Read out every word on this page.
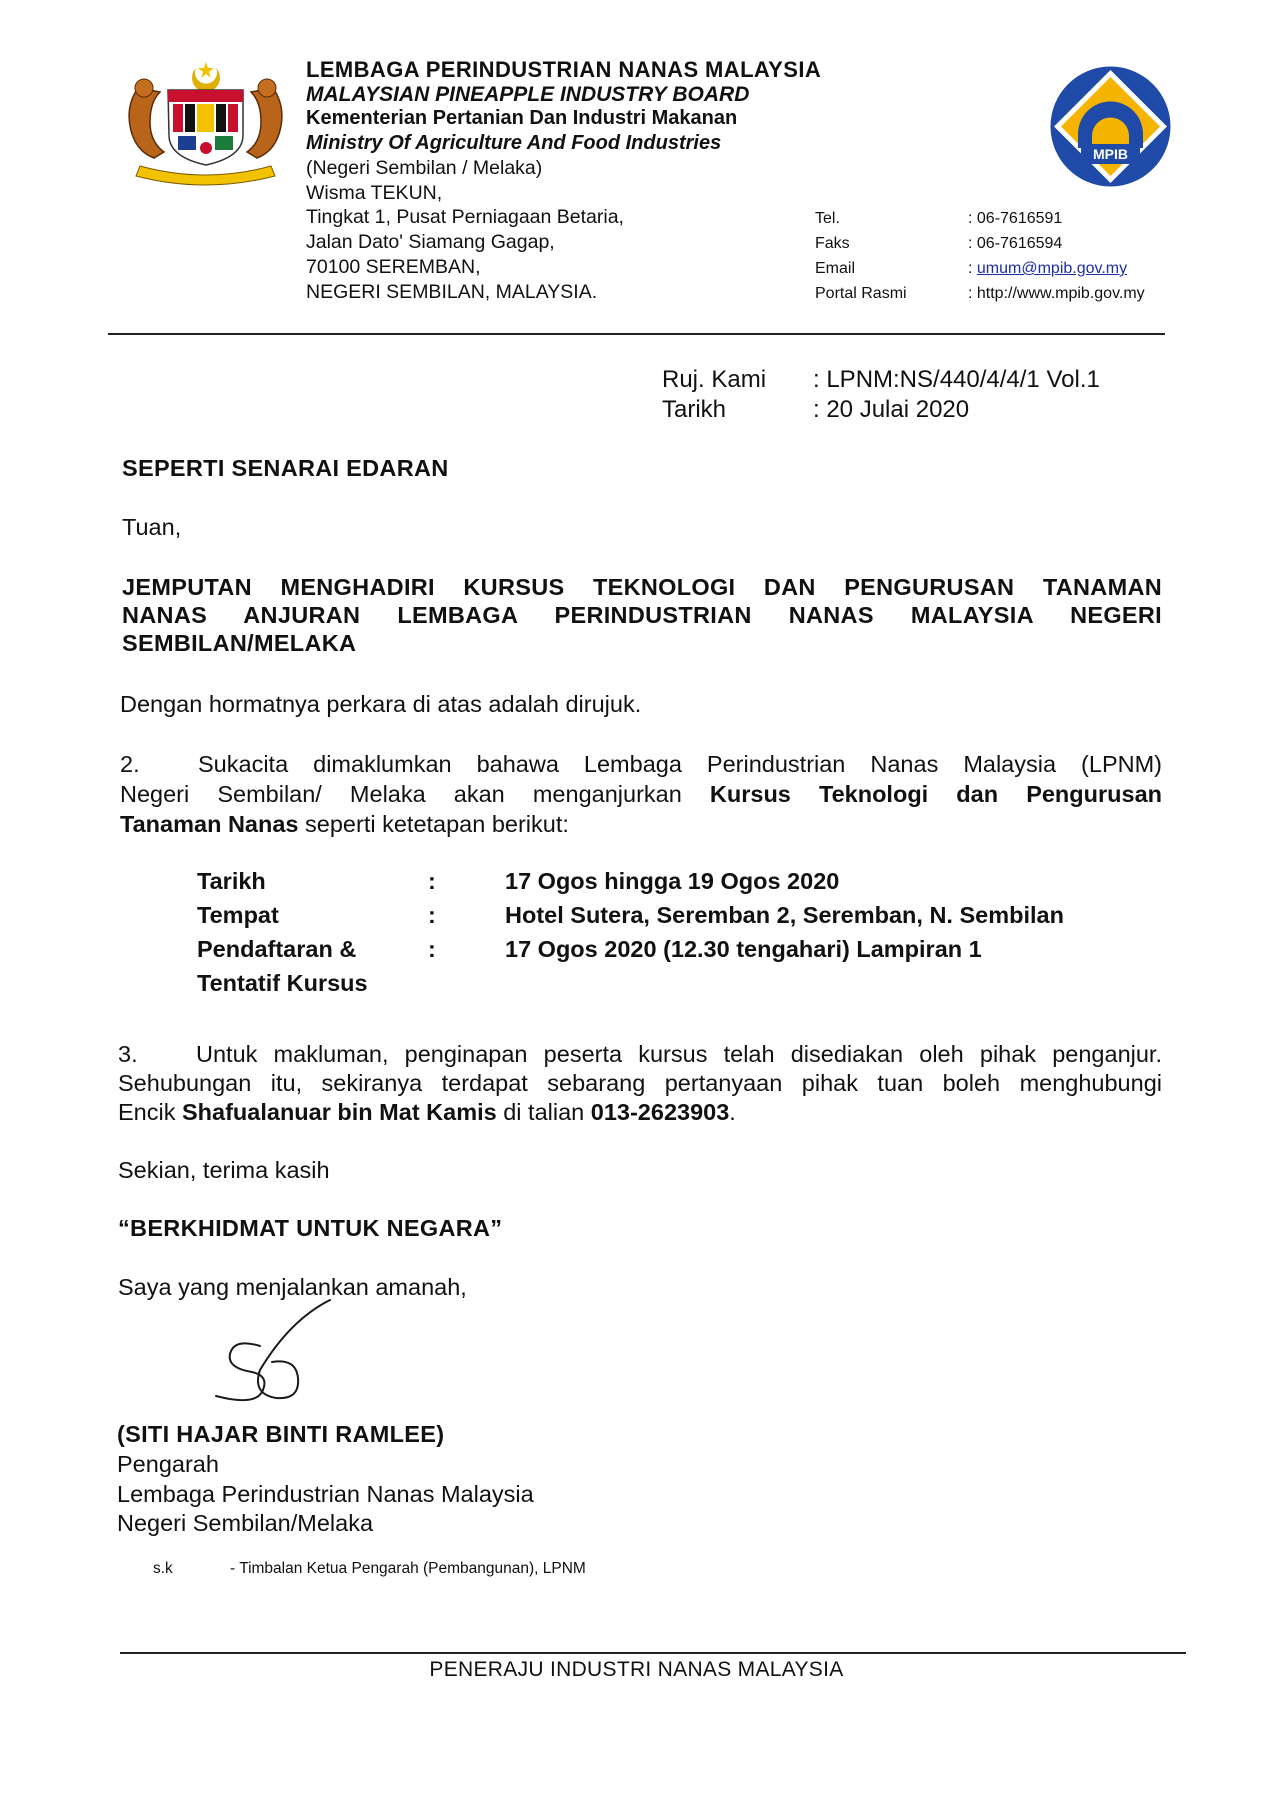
MPIB
LEMBAGA PERINDUSTRIAN NANAS MALAYSIA
MALAYSIAN PINEAPPLE INDUSTRY BOARD
Kementerian Pertanian Dan Industri Makanan
Ministry Of Agriculture And Food Industries
(Negeri Sembilan / Melaka)
Wisma TEKUN,
Tingkat 1, Pusat Perniagaan Betaria,
Jalan Dato' Siamang Gagap,
70100 SEREMBAN,
NEGERI SEMBILAN, MALAYSIA.
Tel.	: 06-7616591
Faks	: 06-7616594
Email	: umum@mpib.gov.my
Portal Rasmi	: http://www.mpib.gov.my
Ruj. Kami : LPNM:NS/440/4/4/1 Vol.1
Tarikh	: 20 Julai 2020
SEPERTI SENARAI EDARAN
Tuan,
JEMPUTAN MENGHADIRI KURSUS TEKNOLOGI DAN PENGURUSAN TANAMAN
NANAS ANJURAN LEMBAGA PERINDUSTRIAN NANAS MALAYSIA NEGERI
SEMBILAN/MELAKA
Dengan hormatnya perkara di atas adalah dirujuk.
2. Sukacita dimaklumkan bahawa Lembaga Perindustrian Nanas Malaysia (LPNM)
Negeri Sembilan/ Melaka akan menganjurkan Kursus Teknologi dan Pengurusan
Tanaman Nanas seperti ketetapan berikut:
Tarikh	:	17 Ogos hingga 19 Ogos 2020
Tempat	:	Hotel Sutera, Seremban 2, Seremban, N. Sembilan
Pendaftaran &	:	17 Ogos 2020 (12.30 tengahari) Lampiran 1
Tentatif Kursus
3. Untuk makluman, penginapan peserta kursus telah disediakan oleh pihak penganjur.
Sehubungan itu, sekiranya terdapat sebarang pertanyaan pihak tuan boleh menghubungi
Encik Shafualanuar bin Mat Kamis di talian 013-2623903.
Sekian, terima kasih
“BERKHIDMAT UNTUK NEGARA”
Saya yang menjalankan amanah,
(SITI HAJAR BINTI RAMLEE)
Pengarah
Lembaga Perindustrian Nanas Malaysia
Negeri Sembilan/Melaka
s.k	- Timbalan Ketua Pengarah (Pembangunan), LPNM
PENERAJU INDUSTRI NANAS MALAYSIA
